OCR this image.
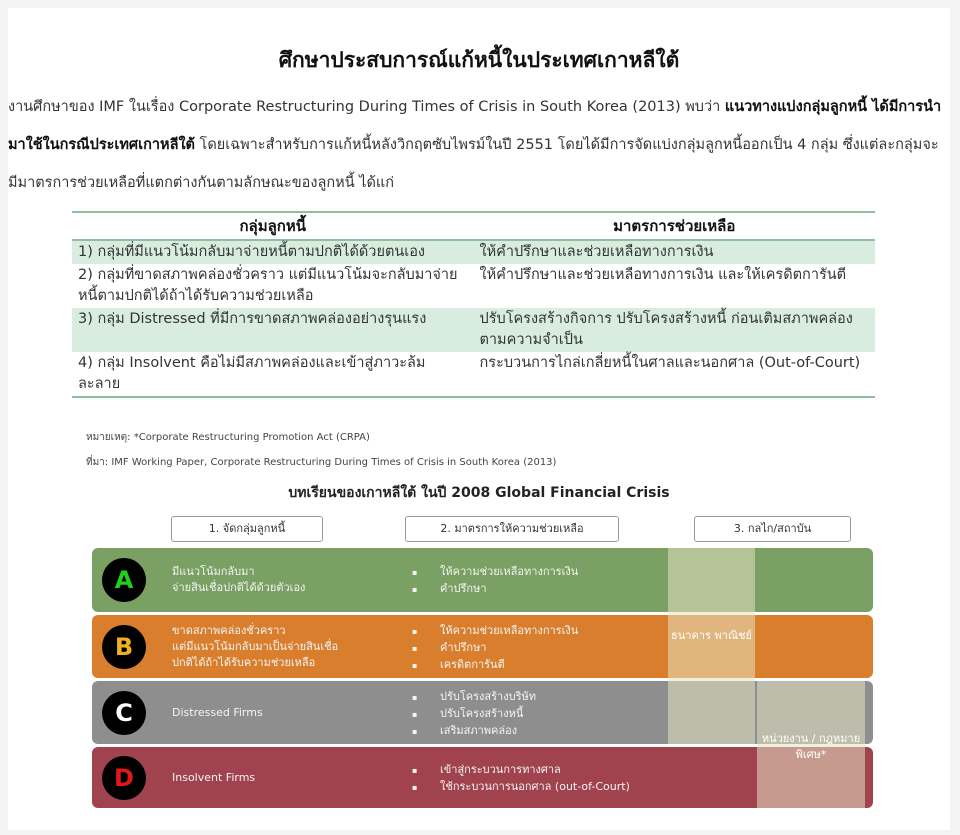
ศึกษาประสบการณ์แก้หนี้ในประเทศเกาหลีใต้
งานศึกษาของ IMF ในเรื่อง Corporate Restructuring During Times of Crisis in South Korea (2013) พบว่า แนวทางแบ่งกลุ่มลูกหนี้ ได้มีการนำมาใช้ในกรณีประเทศเกาหลีใต้ โดยเฉพาะสำหรับการแก้หนี้หลังวิกฤตซับไพรม์ในปี 2551 โดยได้มีการจัดแบ่งกลุ่มลูกหนี้ออกเป็น 4 กลุ่ม ซึ่งแต่ละกลุ่มจะมีมาตรการช่วยเหลือที่แตกต่างกันตามลักษณะของลูกหนี้ ได้แก่
กลุ่มลูกหนี้	มาตรการช่วยเหลือ
1) กลุ่มที่มีแนวโน้มกลับมาจ่ายหนี้ตามปกติได้ด้วยตนเอง	ให้คำปรึกษาและช่วยเหลือทางการเงิน
2) กลุ่มที่ขาดสภาพคล่องชั่วคราว แต่มีแนวโน้มจะกลับมาจ่ายหนี้ตามปกติได้ถ้าได้รับความช่วยเหลือ	ให้คำปรึกษาและช่วยเหลือทางการเงิน และให้เครดิตการันตี
3) กลุ่ม Distressed ที่มีการขาดสภาพคล่องอย่างรุนแรง	ปรับโครงสร้างกิจการ ปรับโครงสร้างหนี้ ก่อนเติมสภาพคล่องตามความจำเป็น
4) กลุ่ม Insolvent คือไม่มีสภาพคล่องและเข้าสู่ภาวะล้มละลาย	กระบวนการไกล่เกลี่ยหนี้ในศาลและนอกศาล (Out-of-Court)
หมายเหตุ: *Corporate Restructuring Promotion Act (CRPA)
ที่มา: IMF Working Paper, Corporate Restructuring During Times of Crisis in South Korea (2013)
บทเรียนของเกาหลีใต้ ในปี 2008 Global Financial Crisis
1. จัดกลุ่มลูกหนี้	2. มาตรการให้ความช่วยเหลือ	3. กลไก/สถาบัน
A	มีแนวโน้มกลับมา
จ่ายสินเชื่อปกติได้ด้วยตัวเอง
▪ ให้ความช่วยเหลือทางการเงิน
▪ คำปรึกษา
B
ขาดสภาพคล่องชั่วคราว
แต่มีแนวโน้มกลับมาเป็นจ่ายสินเชื่อ
ปกติได้ถ้าได้รับความช่วยเหลือ
▪ ให้ความช่วยเหลือทางการเงิน
▪ คำปรึกษา
▪ เครดิตการันตี
C	Distressed Firms
▪ ปรับโครงสร้างบริษัท
▪ ปรับโครงสร้างหนี้
▪ เสริมสภาพคล่อง
D	Insolvent Firms
▪ เข้าสู่กระบวนการทางศาล
▪ ใช้กระบวนการนอกศาล (out-of-Court)
ธนาคาร พาณิชย์
หน่วยงาน / กฎหมายพิเศษ*
